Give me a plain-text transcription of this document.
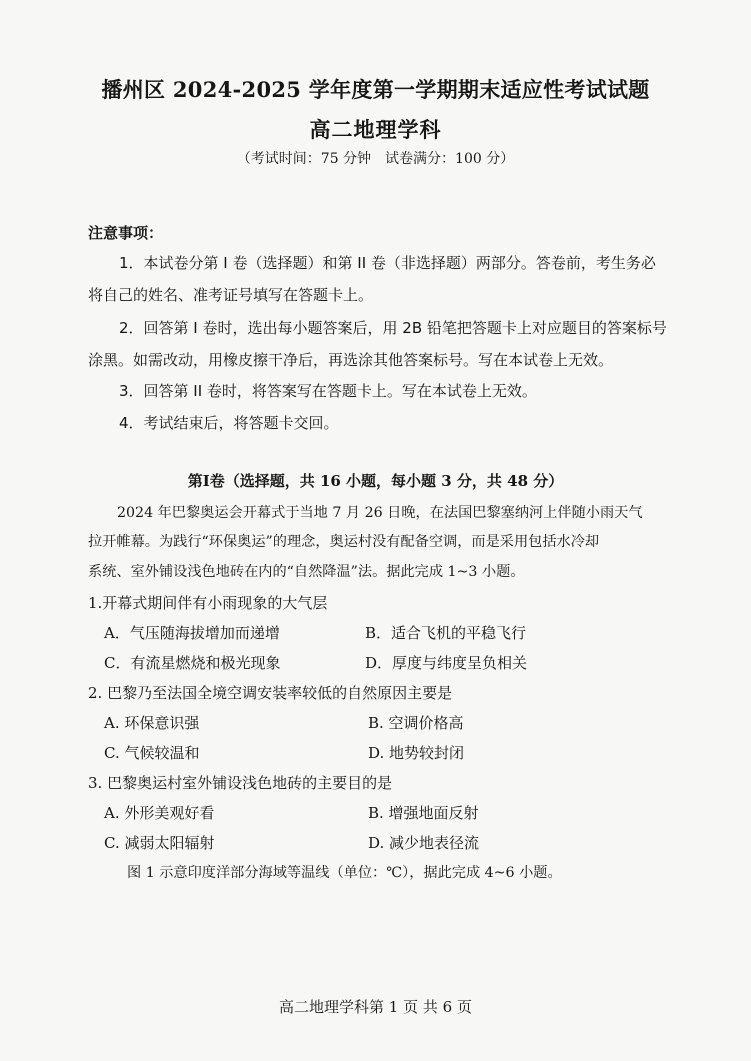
播州区 2024-2025 学年度第一学期期末适应性考试试题
高二地理学科
（考试时间：75 分钟　试卷满分：100 分）
注意事项：
1．本试卷分第 I 卷（选择题）和第 II 卷（非选择题）两部分。答卷前，考生务必
将自己的姓名、准考证号填写在答题卡上。
2．回答第 I 卷时，选出每小题答案后，用 2B 铅笔把答题卡上对应题目的答案标号
涂黑。如需改动，用橡皮擦干净后，再选涂其他答案标号。写在本试卷上无效。
3．回答第 II 卷时，将答案写在答题卡上。写在本试卷上无效。
4．考试结束后，将答题卡交回。
第Ⅰ卷（选择题，共 16 小题，每小题 3 分，共 48 分）
2024 年巴黎奥运会开幕式于当地 7 月 26 日晚，在法国巴黎塞纳河上伴随小雨天气
拉开帷幕。为践行“环保奥运”的理念，奥运村没有配备空调，而是采用包括水冷却
系统、室外铺设浅色地砖在内的“自然降温”法。据此完成 1~3 小题。
1.开幕式期间伴有小雨现象的大气层
A．气压随海拔增加而递增	B．适合飞机的平稳飞行
C．有流星燃烧和极光现象	D．厚度与纬度呈负相关
2. 巴黎乃至法国全境空调安装率较低的自然原因主要是
A. 环保意识强	B. 空调价格高
C. 气候较温和	D. 地势较封闭
3. 巴黎奥运村室外铺设浅色地砖的主要目的是
A. 外形美观好看	B. 增强地面反射
C. 减弱太阳辐射	D. 减少地表径流
图 1 示意印度洋部分海域等温线（单位：℃），据此完成 4~6 小题。
高二地理学科第 1 页 共 6 页
